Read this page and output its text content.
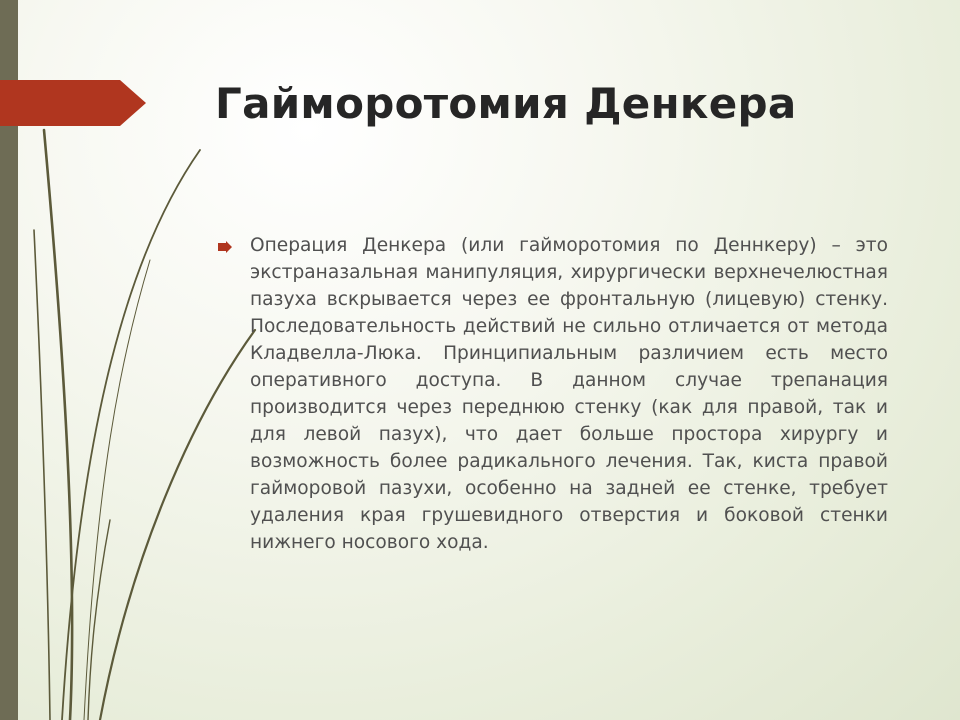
Гайморотомия Денкера

Операция Денкера (или гайморотомия по Деннкеру) – это экстраназальная манипуляция, хирургически верхнечелюстная пазуха вскрывается через ее фронтальную (лицевую) стенку. Последовательность действий не сильно отличается от метода Кладвелла-Люка. Принципиальным различием есть место оперативного доступа. В данном случае трепанация производится через переднюю стенку (как для правой, так и для левой пазух), что дает больше простора хирургу и возможность более радикального лечения. Так, киста правой гайморовой пазухи, особенно на задней ее стенке, требует удаления края грушевидного отверстия и боковой стенки нижнего носового хода.
